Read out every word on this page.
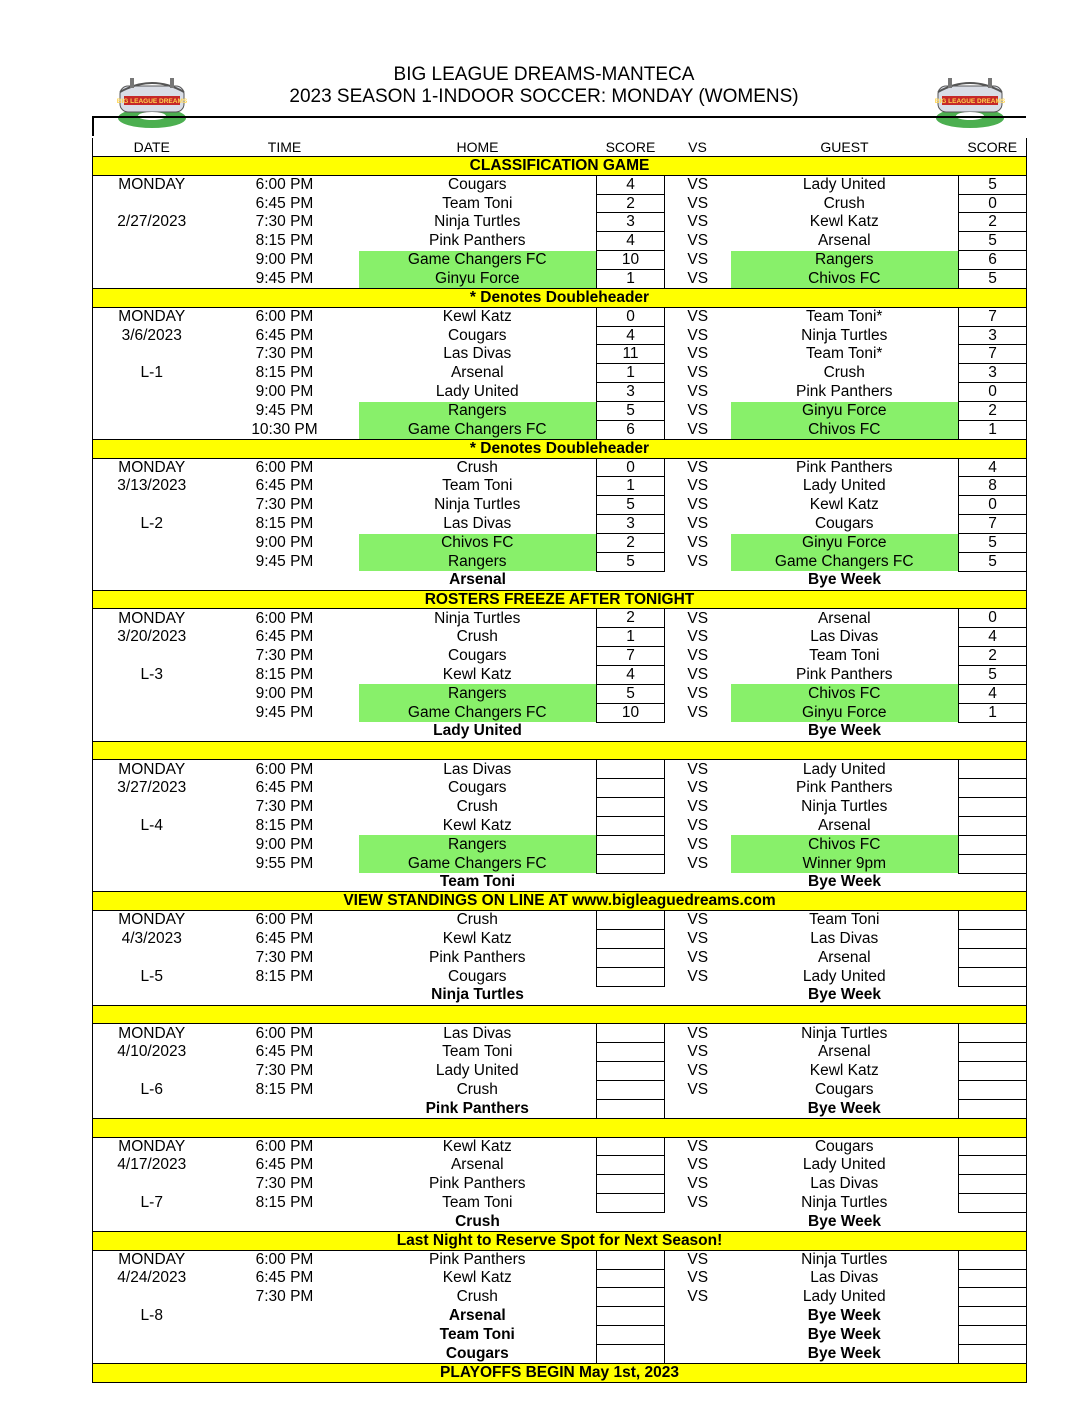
BIG LEAGUE DREAMS-MANTECA
2023 SEASON 1-INDOOR SOCCER: MONDAY (WOMENS)
BIG LEAGUE DREAMS	BIG LEAGUE DREAMS
DATE	TIME	HOME	SCORE	VS	GUEST	SCORE
CLASSIFICATION GAME						
MONDAY	6:00 PM	Cougars	4	VS	Lady United	5
	6:45 PM	Team Toni	2	VS	Crush	0
2/27/2023	7:30 PM	Ninja Turtles	3	VS	Kewl Katz	2
	8:15 PM	Pink Panthers	4	VS	Arsenal	5
	9:00 PM	Game Changers FC	10	VS	Rangers	6
	9:45 PM	Ginyu Force	1	VS	Chivos FC	5
* Denotes Doubleheader						
MONDAY	6:00 PM	Kewl Katz	0	VS	Team Toni*	7
3/6/2023	6:45 PM	Cougars	4	VS	Ninja Turtles	3
	7:30 PM	Las Divas	11	VS	Team Toni*	7
L-1	8:15 PM	Arsenal	1	VS	Crush	3
	9:00 PM	Lady United	3	VS	Pink Panthers	0
	9:45 PM	Rangers	5	VS	Ginyu Force	2
	10:30 PM	Game Changers FC	6	VS	Chivos FC	1
* Denotes Doubleheader						
MONDAY	6:00 PM	Crush	0	VS	Pink Panthers	4
3/13/2023	6:45 PM	Team Toni	1	VS	Lady United	8
	7:30 PM	Ninja Turtles	5	VS	Kewl Katz	0
L-2	8:15 PM	Las Divas	3	VS	Cougars	7
	9:00 PM	Chivos FC	2	VS	Ginyu Force	5
	9:45 PM	Rangers	5	VS	Game Changers FC	5
		Arsenal			Bye Week	
ROSTERS FREEZE AFTER TONIGHT						
MONDAY	6:00 PM	Ninja Turtles	2	VS	Arsenal	0
3/20/2023	6:45 PM	Crush	1	VS	Las Divas	4
	7:30 PM	Cougars	7	VS	Team Toni	2
L-3	8:15 PM	Kewl Katz	4	VS	Pink Panthers	5
	9:00 PM	Rangers	5	VS	Chivos FC	4
	9:45 PM	Game Changers FC	10	VS	Ginyu Force	1
		Lady United			Bye Week	

MONDAY	6:00 PM	Las Divas		VS	Lady United	
3/27/2023	6:45 PM	Cougars		VS	Pink Panthers	
	7:30 PM	Crush		VS	Ninja Turtles	
L-4	8:15 PM	Kewl Katz		VS	Arsenal	
	9:00 PM	Rangers		VS	Chivos FC	
	9:55 PM	Game Changers FC		VS	Winner 9pm	
		Team Toni			Bye Week	
VIEW STANDINGS ON LINE AT www.bigleaguedreams.com						
MONDAY	6:00 PM	Crush		VS	Team Toni	
4/3/2023	6:45 PM	Kewl Katz		VS	Las Divas	
	7:30 PM	Pink Panthers		VS	Arsenal	
L-5	8:15 PM	Cougars		VS	Lady United	
		Ninja Turtles			Bye Week	

MONDAY	6:00 PM	Las Divas		VS	Ninja Turtles	
4/10/2023	6:45 PM	Team Toni		VS	Arsenal	
	7:30 PM	Lady United		VS	Kewl Katz	
L-6	8:15 PM	Crush		VS	Cougars	
		Pink Panthers			Bye Week	

MONDAY	6:00 PM	Kewl Katz		VS	Cougars	
4/17/2023	6:45 PM	Arsenal		VS	Lady United	
	7:30 PM	Pink Panthers		VS	Las Divas	
L-7	8:15 PM	Team Toni		VS	Ninja Turtles	
		Crush			Bye Week	
Last Night to Reserve Spot for Next Season!						
MONDAY	6:00 PM	Pink Panthers		VS	Ninja Turtles	
4/24/2023	6:45 PM	Kewl Katz		VS	Las Divas	
	7:30 PM	Crush		VS	Lady United	
L-8		Arsenal			Bye Week	
		Team Toni			Bye Week	
		Cougars			Bye Week	
PLAYOFFS BEGIN May 1st, 2023						
